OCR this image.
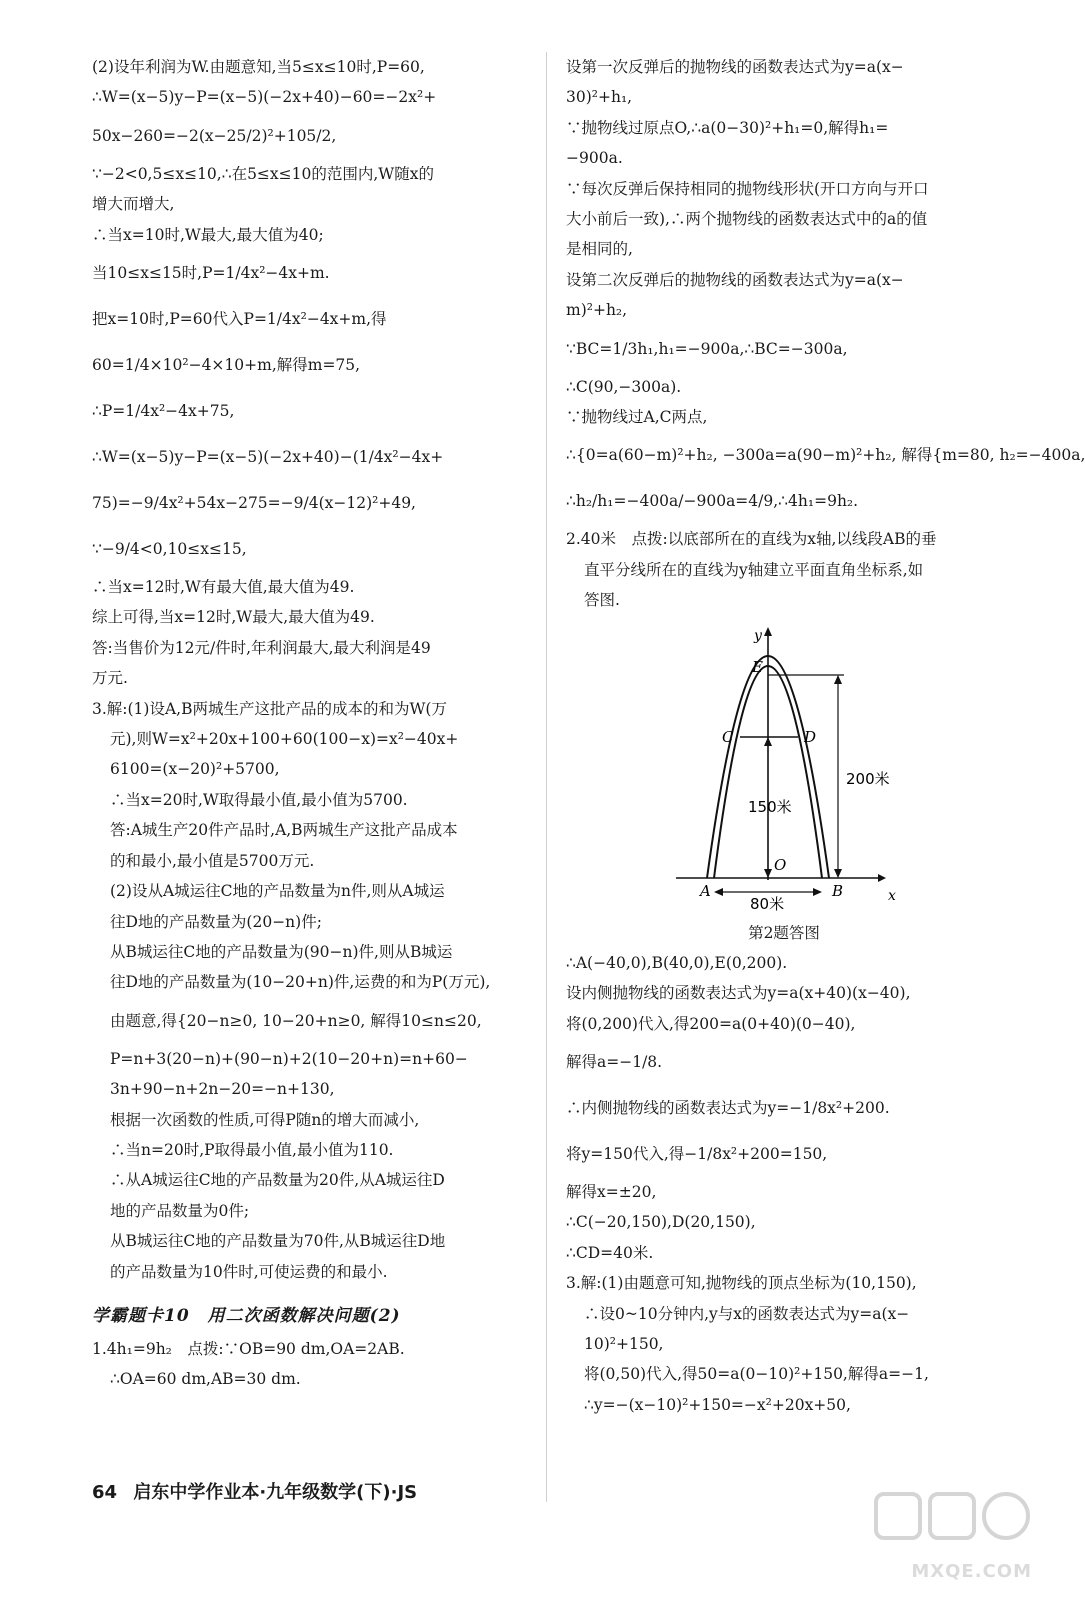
(2)设年利润为W.由题意知,当5≤x≤10时,P=60,
∴W=(x−5)y−P=(x−5)(−2x+40)−60=−2x²+
50x−260=−2(x−25/2)²+105/2,
∵−2<0,5≤x≤10,∴在5≤x≤10的范围内,W随x的
增大而增大,
∴当x=10时,W最大,最大值为40;
当10≤x≤15时,P=1/4x²−4x+m.
把x=10时,P=60代入P=1/4x²−4x+m,得
60=1/4×10²−4×10+m,解得m=75,
∴P=1/4x²−4x+75,
∴W=(x−5)y−P=(x−5)(−2x+40)−(1/4x²−4x+
75)=−9/4x²+54x−275=−9/4(x−12)²+49,
∵−9/4<0,10≤x≤15,
∴当x=12时,W有最大值,最大值为49.
综上可得,当x=12时,W最大,最大值为49.
答:当售价为12元/件时,年利润最大,最大利润是49
万元.
3.解:(1)设A,B两城生产这批产品的成本的和为W(万
元),则W=x²+20x+100+60(100−x)=x²−40x+
6100=(x−20)²+5700,
∴当x=20时,W取得最小值,最小值为5700.
答:A城生产20件产品时,A,B两城生产这批产品成本
的和最小,最小值是5700万元.
(2)设从A城运往C地的产品数量为n件,则从A城运
往D地的产品数量为(20−n)件;
从B城运往C地的产品数量为(90−n)件,则从B城运
往D地的产品数量为(10−20+n)件,运费的和为P(万元),
由题意,得{20−n≥0, 10−20+n≥0, 解得10≤n≤20,
P=n+3(20−n)+(90−n)+2(10−20+n)=n+60−
3n+90−n+2n−20=−n+130,
根据一次函数的性质,可得P随n的增大而减小,
∴当n=20时,P取得最小值,最小值为110.
∴从A城运往C地的产品数量为20件,从A城运往D
地的产品数量为0件;
从B城运往C地的产品数量为70件,从B城运往D地
的产品数量为10件时,可使运费的和最小.
学霸题卡10　用二次函数解决问题(2)
1.4h₁=9h₂　点拨:∵OB=90 dm,OA=2AB.
∴OA=60 dm,AB=30 dm.
设第一次反弹后的抛物线的函数表达式为y=a(x−
30)²+h₁,
∵抛物线过原点O,∴a(0−30)²+h₁=0,解得h₁=
−900a.
∵每次反弹后保持相同的抛物线形状(开口方向与开口
大小前后一致),∴两个抛物线的函数表达式中的a的值
是相同的,
设第二次反弹后的抛物线的函数表达式为y=a(x−
m)²+h₂,
∵BC=1/3h₁,h₁=−900a,∴BC=−300a,
∴C(90,−300a).
∵抛物线过A,C两点,
∴{0=a(60−m)²+h₂, −300a=a(90−m)²+h₂, 解得{m=80, h₂=−400a,
∴h₂/h₁=−400a/−900a=4/9,∴4h₁=9h₂.
2.40米　点拨:以底部所在的直线为x轴,以线段AB的垂
直平分线所在的直线为y轴建立平面直角坐标系,如
答图.
y
x
E
C	D
O
A	B
200米
150米
80米
第2题答图
∴A(−40,0),B(40,0),E(0,200).
设内侧抛物线的函数表达式为y=a(x+40)(x−40),
将(0,200)代入,得200=a(0+40)(0−40),
解得a=−1/8.
∴内侧抛物线的函数表达式为y=−1/8x²+200.
将y=150代入,得−1/8x²+200=150,
解得x=±20,
∴C(−20,150),D(20,150),
∴CD=40米.
3.解:(1)由题意可知,抛物线的顶点坐标为(10,150),
∴设0~10分钟内,y与x的函数表达式为y=a(x−
10)²+150,
将(0,50)代入,得50=a(0−10)²+150,解得a=−1,
∴y=−(x−10)²+150=−x²+20x+50,
64 启东中学作业本·九年级数学(下)·JS
MXQE.COM
